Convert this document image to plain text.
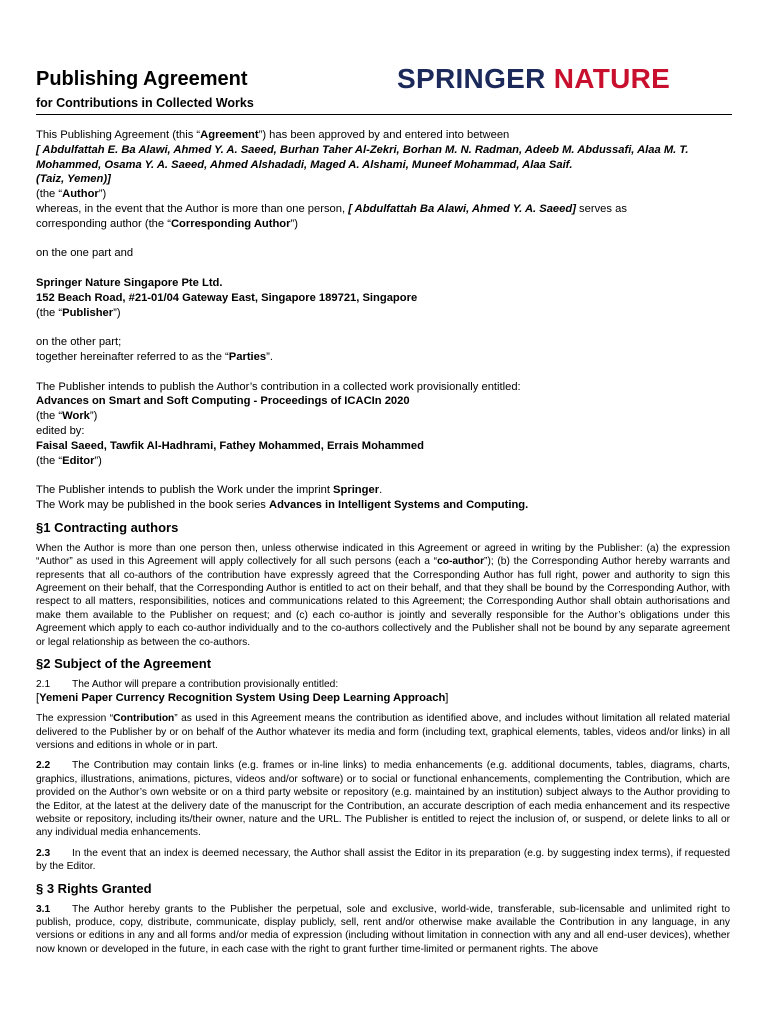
Publishing Agreement
for Contributions in Collected Works
SPRINGER NATURE
This Publishing Agreement (this “Agreement”) has been approved by and entered into between
[ Abdulfattah E. Ba Alawi, Ahmed Y. A. Saeed, Burhan Taher Al-Zekri, Borhan M. N. Radman, Adeeb M. Abdussafi, Alaa M. T.
Mohammed, Osama Y. A. Saeed, Ahmed Alshadadi, Maged A. Alshami, Muneef Mohammad, Alaa Saif.
(Taiz, Yemen)]
(the “Author”)
whereas, in the event that the Author is more than one person, [ Abdulfattah Ba Alawi, Ahmed Y. A. Saeed] serves as
corresponding author (the “Corresponding Author”)
on the one part and
Springer Nature Singapore Pte Ltd.
152 Beach Road, #21-01/04 Gateway East, Singapore 189721, Singapore
(the “Publisher”)
on the other part;
together hereinafter referred to as the “Parties”.
The Publisher intends to publish the Author’s contribution in a collected work provisionally entitled:
Advances on Smart and Soft Computing - Proceedings of ICACIn 2020
(the “Work”)
edited by:
Faisal Saeed, Tawfik Al-Hadhrami, Fathey Mohammed, Errais Mohammed
(the “Editor”)
The Publisher intends to publish the Work under the imprint Springer.
The Work may be published in the book series Advances in Intelligent Systems and Computing.
§1 Contracting authors
When the Author is more than one person then, unless otherwise indicated in this Agreement or agreed in writing by the Publisher: (a) the expression “Author” as used in this Agreement will apply collectively for all such persons (each a “co-author”); (b) the Corresponding Author hereby warrants and represents that all co-authors of the contribution have expressly agreed that the Corresponding Author has full right, power and authority to sign this Agreement on their behalf, that the Corresponding Author is entitled to act on their behalf, and that they shall be bound by the Corresponding Author, with respect to all matters, responsibilities, notices and communications related to this Agreement; the Corresponding Author shall obtain authorisations and make them available to the Publisher on request; and (c) each co-author is jointly and severally responsible for the Author’s obligations under this Agreement which apply to each co-author individually and to the co-authors collectively and the Publisher shall not be bound by any separate agreement or legal relationship as between the co-authors.
§2 Subject of the Agreement
2.1 The Author will prepare a contribution provisionally entitled:
[Yemeni Paper Currency Recognition System Using Deep Learning Approach]
The expression “Contribution” as used in this Agreement means the contribution as identified above, and includes without limitation all related material delivered to the Publisher by or on behalf of the Author whatever its media and form (including text, graphical elements, tables, videos and/or links) in all versions and editions in whole or in part.
2.2 The Contribution may contain links (e.g. frames or in-line links) to media enhancements (e.g. additional documents, tables, diagrams, charts, graphics, illustrations, animations, pictures, videos and/or software) or to social or functional enhancements, complementing the Contribution, which are provided on the Author’s own website or on a third party website or repository (e.g. maintained by an institution) subject always to the Author providing to the Editor, at the latest at the delivery date of the manuscript for the Contribution, an accurate description of each media enhancement and its respective website or repository, including its/their owner, nature and the URL. The Publisher is entitled to reject the inclusion of, or suspend, or delete links to all or any individual media enhancements.
2.3 In the event that an index is deemed necessary, the Author shall assist the Editor in its preparation (e.g. by suggesting index terms), if requested by the Editor.
§ 3 Rights Granted
3.1 The Author hereby grants to the Publisher the perpetual, sole and exclusive, world-wide, transferable, sub-licensable and unlimited right to publish, produce, copy, distribute, communicate, display publicly, sell, rent and/or otherwise make available the Contribution in any language, in any versions or editions in any and all forms and/or media of expression (including without limitation in connection with any and all end-user devices), whether now known or developed in the future, in each case with the right to grant further time-limited or permanent rights. The above
